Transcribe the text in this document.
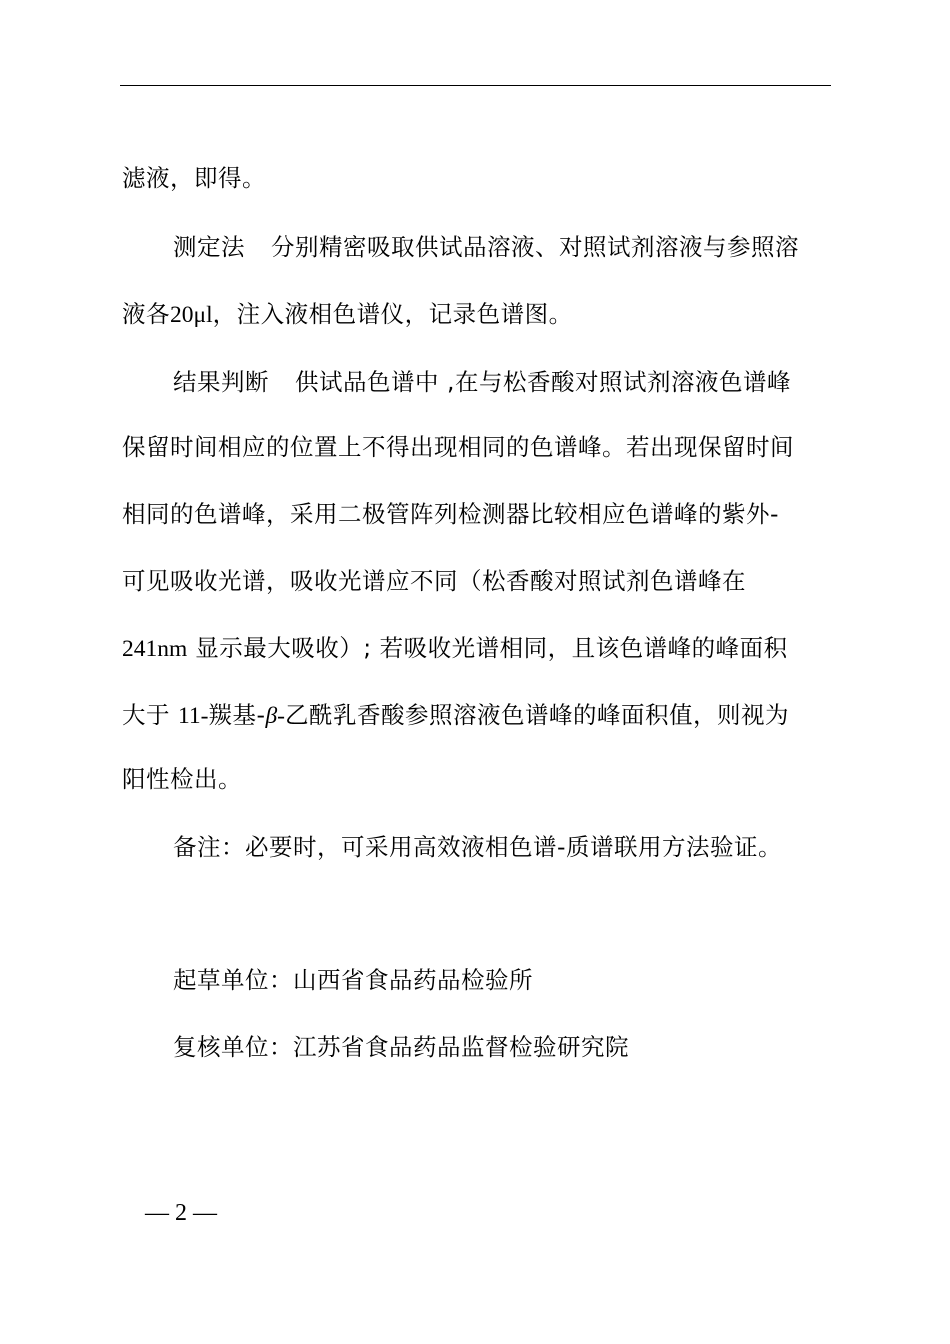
滤液，即得。
测定法 分别精密吸取供试品溶液、对照试剂溶液与参照溶
液各20μl，注入液相色谱仪，记录色谱图。
结果判断 供试品色谱中 ,在与松香酸对照试剂溶液色谱峰
保留时间相应的位置上不得出现相同的色谱峰。若出现保留时间
相同的色谱峰，采用二极管阵列检测器比较相应色谱峰的紫外-
可见吸收光谱，吸收光谱应不同（松香酸对照试剂色谱峰在
241nm 显示最大吸收）; 若吸收光谱相同，且该色谱峰的峰面积
大于 11-羰基-β-乙酰乳香酸参照溶液色谱峰的峰面积值，则视为
阳性检出。
备注：必要时，可采用高效液相色谱-质谱联用方法验证。
起草单位：山西省食品药品检验所
复核单位：江苏省食品药品监督检验研究院
— 2 —
